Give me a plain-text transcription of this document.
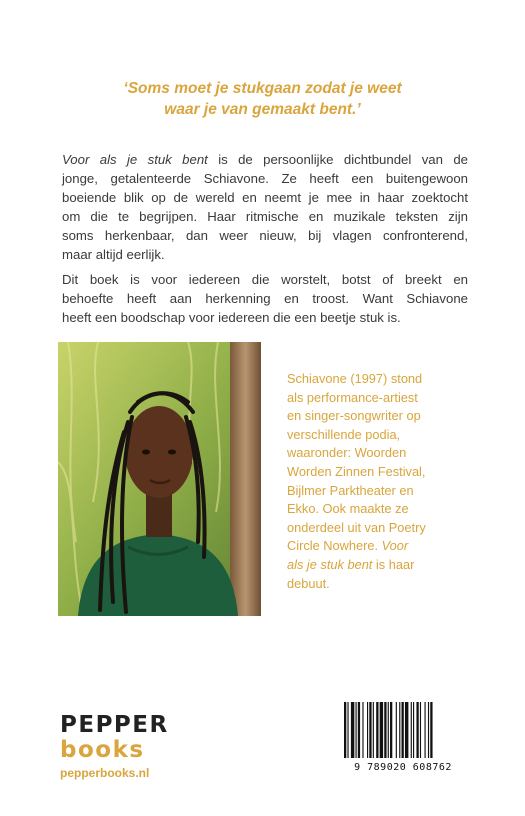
‘Soms moet je stukgaan zodat je weet
waar je van gemaakt bent.’
Voor als je stuk bent is de persoonlijke dichtbundel van de
jonge, getalenteerde Schiavone. Ze heeft een buitengewoon
boeiende blik op de wereld en neemt je mee in haar zoektocht
om die te begrijpen. Haar ritmische en muzikale teksten zijn
soms herkenbaar, dan weer nieuw, bij vlagen confronterend,
maar altijd eerlijk.
Dit boek is voor iedereen die worstelt, botst of breekt en
behoefte heeft aan herkenning en troost. Want Schiavone
heeft een boodschap voor iedereen die een beetje stuk is.
Schiavone (1997) stond
als performance-artiest
en singer-songwriter op
verschillende podia,
waaronder: Woorden
Worden Zinnen Festival,
Bijlmer Parktheater en
Ekko. Ook maakte ze
onderdeel uit van Poetry
Circle Nowhere. Voor
als je stuk bent is haar
debuut.
PEPPER
books
pepperbooks.nl	9 789020 608762
